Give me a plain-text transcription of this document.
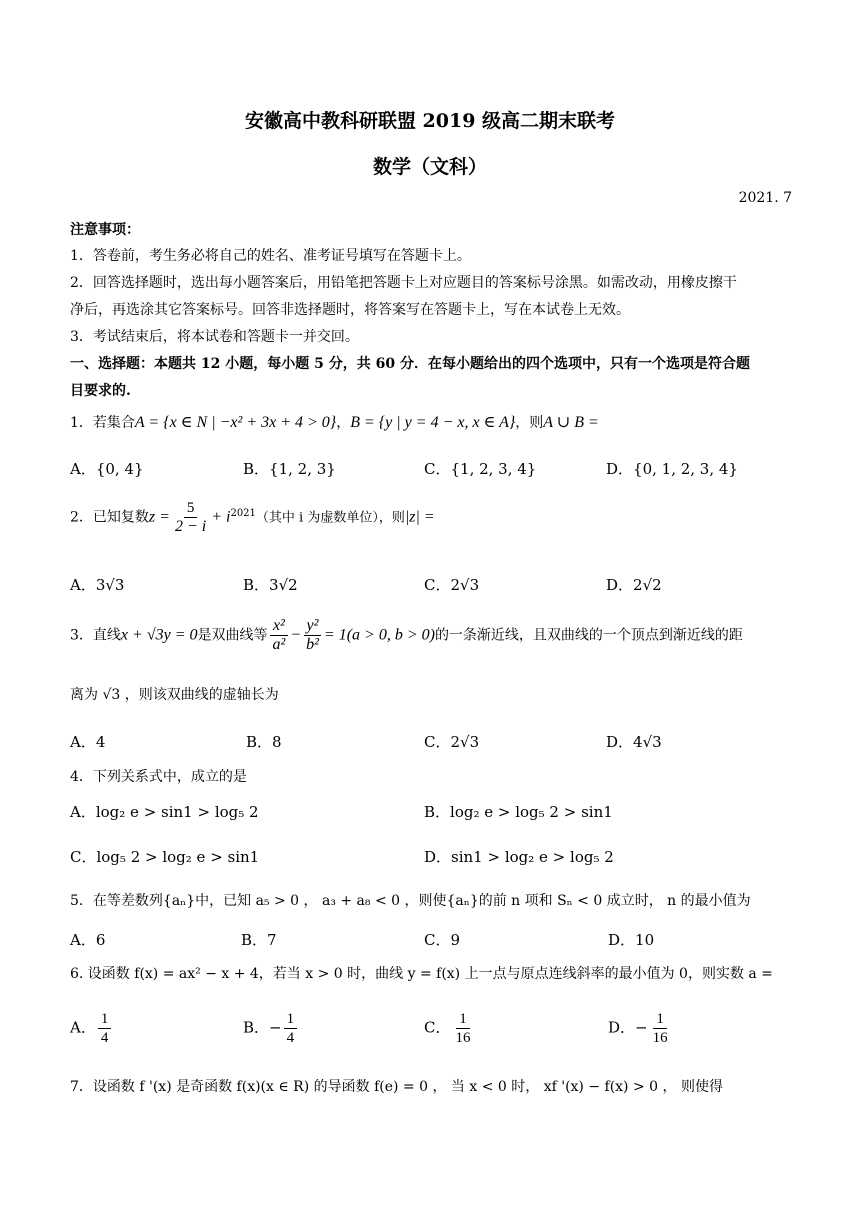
安徽高中教科研联盟 2019 级高二期末联考
数学（文科）
2021. 7
注意事项：
1．答卷前，考生务必将自己的姓名、准考证号填写在答题卡上。
2．回答选择题时，选出每小题答案后，用铅笔把答题卡上对应题目的答案标号涂黑。如需改动，用橡皮擦干
净后，再选涂其它答案标号。回答非选择题时，将答案写在答题卡上，写在本试卷上无效。
3．考试结束后，将本试卷和答题卡一并交回。
一、选择题：本题共 12 小题，每小题 5 分，共 60 分．在每小题给出的四个选项中，只有一个选项是符合题
目要求的.
1．若集合A = {x ∈ N | −x² + 3x + 4 > 0}，B = {y | y = 4 − x, x ∈ A}，则A ∪ B =
A．{0, 4}	B．{1, 2, 3}	C．{1, 2, 3, 4}	D．{0, 1, 2, 3, 4}
2．已知复数$z = \frac{5}{2 - i} + i^{2021}$（其中 i 为虚数单位），则|z| =
A．3√3	B．3√2	C．2√3	D．2√2
3．直线x + √3y = 0是双曲线等 $\frac{\text{x²}}{\text{a²}} - \frac{\text{y²}}{\text{b²}} = 1(a > 0$, b > 0)的一条渐近线，且双曲线的一个顶点到渐近线的距
离为 √3 ，则该双曲线的虚轴长为
A．4	B．8	C．2√3	D．4√3
4．下列关系式中，成立的是
A．log₂ e > sin1 > log₅ 2	B．log₂ e > log₅ 2 > sin1
C．log₅ 2 > log₂ e > sin1	D．sin1 > log₂ e > log₅ 2
5．在等差数列{aₙ}中，已知 a₅ > 0 ， a₃ + a₈ < 0 ，则使{aₙ}的前 n 项和 Sₙ < 0 成立时， n 的最小值为
A．6	B．7	C．9	D．10
6. 设函数 f(x) = ax² − x + 4，若当 x > 0 时，曲线 y = f(x) 上一点与原点连线斜率的最小值为 0，则实数 a =
A． $\frac{1}{4}$	B．− $\frac{1}{4}$	C． $\frac{1}{16}$	D．− $\frac{1}{16}$
7．设函数 f '(x) 是奇函数 f(x)(x ∈ R) 的导函数 f(e) = 0 ， 当 x < 0 时， xf '(x) − f(x) > 0 ， 则使得
